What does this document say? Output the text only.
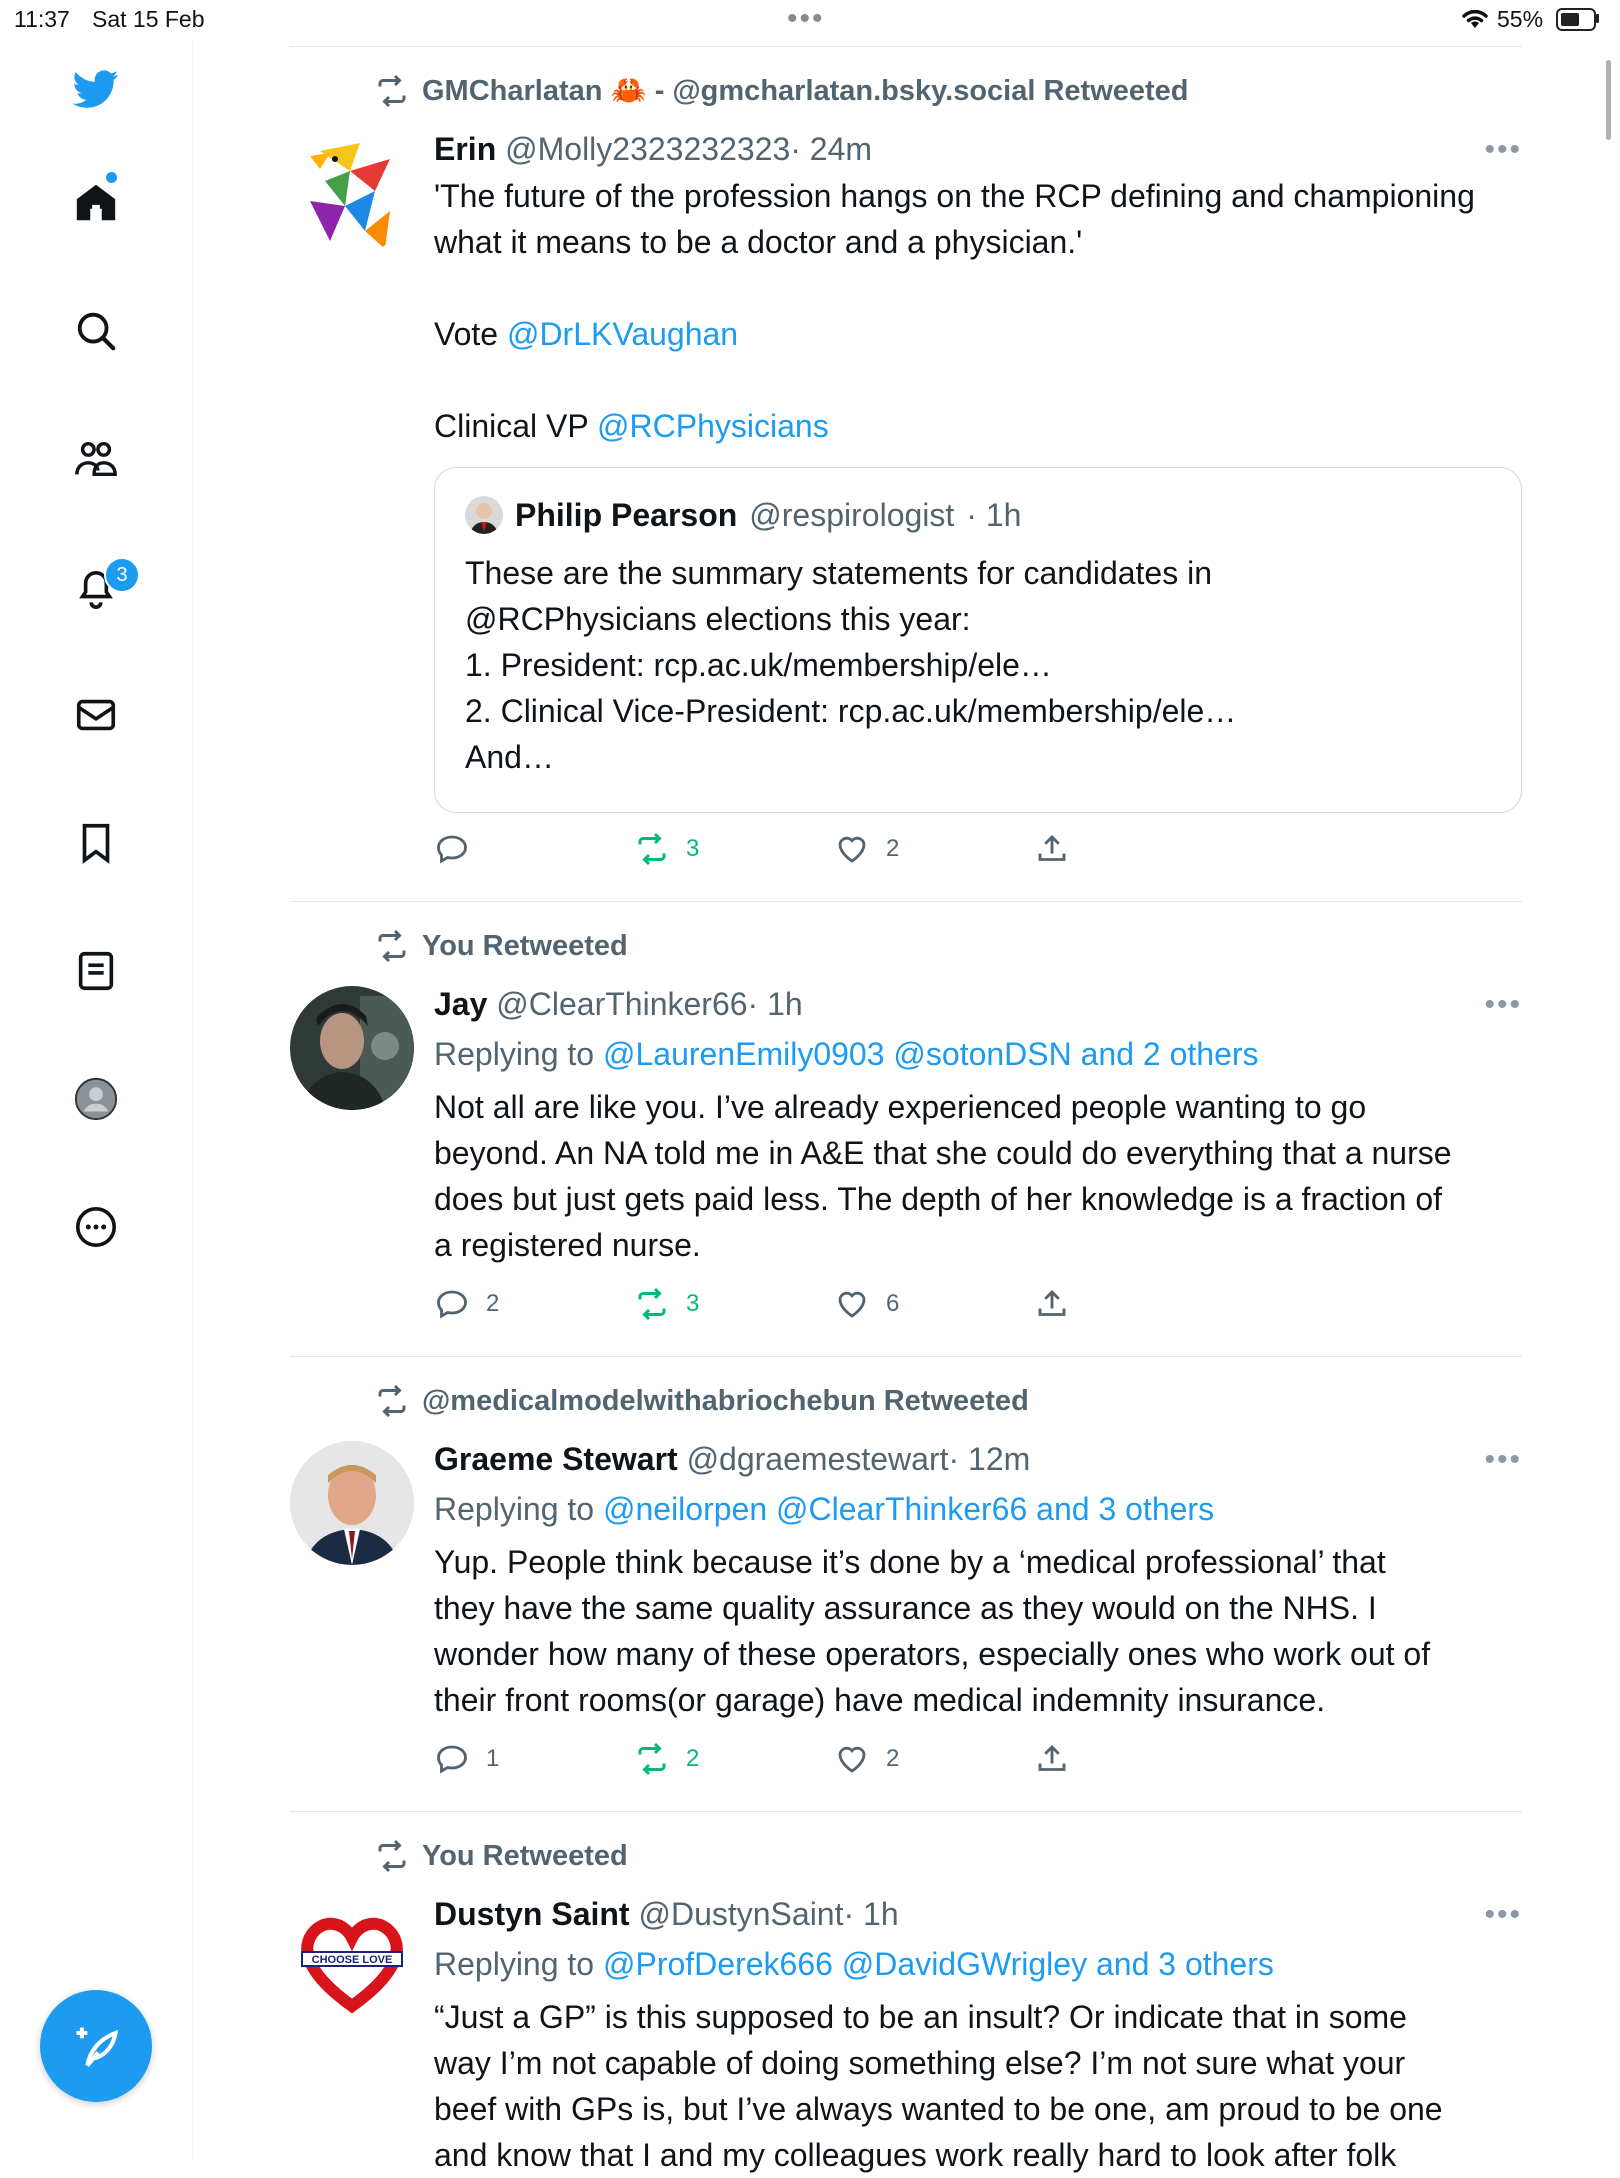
11:37 Sat 15 Feb	•••	55%
3
GMCharlatan 🦀 - @gmcharlatan.bsky.social Retweeted
Erin @Molly2323232323· 24m	•••

'The future of the profession hangs on the RCP defining and championing what it means to be a doctor and a physician.'

Vote @DrLKVaughan

Clinical VP @RCPhysicians

Philip Pearson @respirologist · 1h
These are the summary statements for candidates in
@RCPhysicians elections this year:
1. President: rcp.ac.uk/membership/ele…
2. Clinical Vice-President: rcp.ac.uk/membership/ele…
And…
3	2
You Retweeted
Jay @ClearThinker66· 1h	•••
Replying to @LaurenEmily0903 @sotonDSN and 2 others
Not all are like you. I’ve already experienced people wanting to go
beyond. An NA told me in A&E that she could do everything that a nurse
does but just gets paid less. The depth of her knowledge is a fraction of
a registered nurse.
2	3	6
@medicalmodelwithabriochebun Retweeted
Graeme Stewart @dgraemestewart· 12m	•••
Replying to @neilorpen @ClearThinker66 and 3 others
Yup. People think because it’s done by a ‘medical professional’ that
they have the same quality assurance as they would on the NHS. I
wonder how many of these operators, especially ones who work out of
their front rooms(or garage) have medical indemnity insurance.
1	2	2
You Retweeted
CHOOSE LOVE
Dustyn Saint @DustynSaint· 1h	•••
Replying to @ProfDerek666 @DavidGWrigley and 3 others
“Just a GP” is this supposed to be an insult? Or indicate that in some
way I’m not capable of doing something else? I’m not sure what your
beef with GPs is, but I’ve always wanted to be one, am proud to be one
and know that I and my colleagues work really hard to look after folk
